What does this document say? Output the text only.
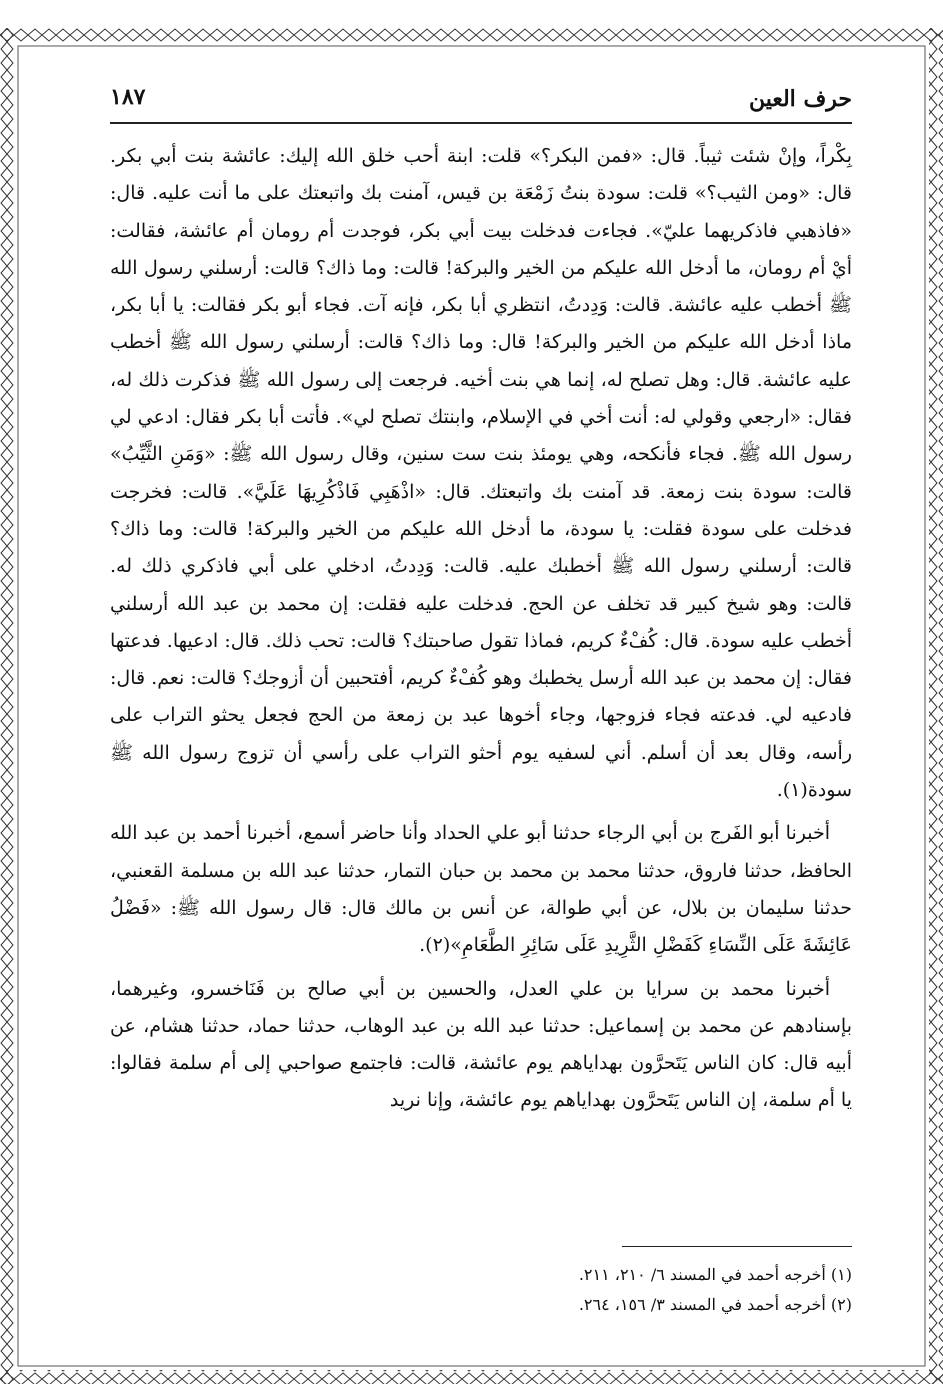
حرف العين
١٨٧

بِكْراً، وإنْ شئت ثيباً. قال: «فمن البكر؟» قلت: ابنة أحب خلق الله إليك: عائشة بنت أبي بكر. قال: «ومن الثيب؟» قلت: سودة بنتُ زَمْعَة بن قيس، آمنت بك واتبعتك على ما أنت عليه. قال: «فاذهبي فاذكريهما عليّ». فجاءت فدخلت بيت أبي بكر، فوجدت أم رومان أم عائشة، فقالت: أيْ أم رومان، ما أدخل الله عليكم من الخير والبركة! قالت: وما ذاك؟ قالت: أرسلني رسول الله ﷺ أخطب عليه عائشة. قالت: وَدِدتُ، انتظري أبا بكر، فإنه آت. فجاء أبو بكر فقالت: يا أبا بكر، ماذا أدخل الله عليكم من الخير والبركة! قال: وما ذاك؟ قالت: أرسلني رسول الله ﷺ أخطب عليه عائشة. قال: وهل تصلح له، إنما هي بنت أخيه. فرجعت إلى رسول الله ﷺ فذكرت ذلك له، فقال: «ارجعي وقولي له: أنت أخي في الإسلام، وابنتك تصلح لي». فأتت أبا بكر فقال: ادعي لي رسول الله ﷺ. فجاء فأنكحه، وهي يومئذ بنت ست سنين، وقال رسول الله ﷺ: «وَمَنِ الثَّيِّبُ» قالت: سودة بنت زمعة. قد آمنت بك واتبعتك. قال: «اذْهَبِي فَاذْكُرِيهَا عَلَيَّ». قالت: فخرجت فدخلت على سودة فقلت: يا سودة، ما أدخل الله عليكم من الخير والبركة! قالت: وما ذاك؟ قالت: أرسلني رسول الله ﷺ أخطبك عليه. قالت: وَدِدتُ، ادخلي على أبي فاذكري ذلك له. قالت: وهو شيخ كبير قد تخلف عن الحج. فدخلت عليه فقلت: إن محمد بن عبد الله أرسلني أخطب عليه سودة. قال: كُفْءٌ كريم، فماذا تقول صاحبتك؟ قالت: تحب ذلك. قال: ادعيها. فدعتها فقال: إن محمد بن عبد الله أرسل يخطبك وهو كُفْءٌ كريم، أفتحبين أن أزوجك؟ قالت: نعم. قال: فادعيه لي. فدعته فجاء فزوجها، وجاء أخوها عبد بن زمعة من الحج فجعل يحثو التراب على رأسه، وقال بعد أن أسلم. أني لسفيه يوم أحثو التراب على رأسي أن تزوج رسول الله ﷺ سودة(١).

أخبرنا أبو الفَرج بن أبي الرجاء حدثنا أبو علي الحداد وأنا حاضر أسمع، أخبرنا أحمد بن عبد الله الحافظ، حدثنا فاروق، حدثنا محمد بن محمد بن حبان التمار، حدثنا عبد الله بن مسلمة القعنبي، حدثنا سليمان بن بلال، عن أبي طوالة، عن أنس بن مالك قال: قال رسول الله ﷺ: «فَضْلُ عَائِشَةَ عَلَى النِّسَاءِ كَفَضْلِ الثَّرِيدِ عَلَى سَائِرِ الطَّعَامِ»(٢).

أخبرنا محمد بن سرايا بن علي العدل، والحسين بن أبي صالح بن فَنَاخسرو، وغيرهما، بإسنادهم عن محمد بن إسماعيل: حدثنا عبد الله بن عبد الوهاب، حدثنا حماد، حدثنا هشام، عن أبيه قال: كان الناس يَتَحرَّون بهداياهم يوم عائشة، قالت: فاجتمع صواحبي إلى أم سلمة فقالوا: يا أم سلمة، إن الناس يَتَحرَّون بهداياهم يوم عائشة، وإنا نريد

(١) أخرجه أحمد في المسند ٦/ ٢١٠، ٢١١.
(٢) أخرجه أحمد في المسند ٣/ ١٥٦، ٢٦٤.
